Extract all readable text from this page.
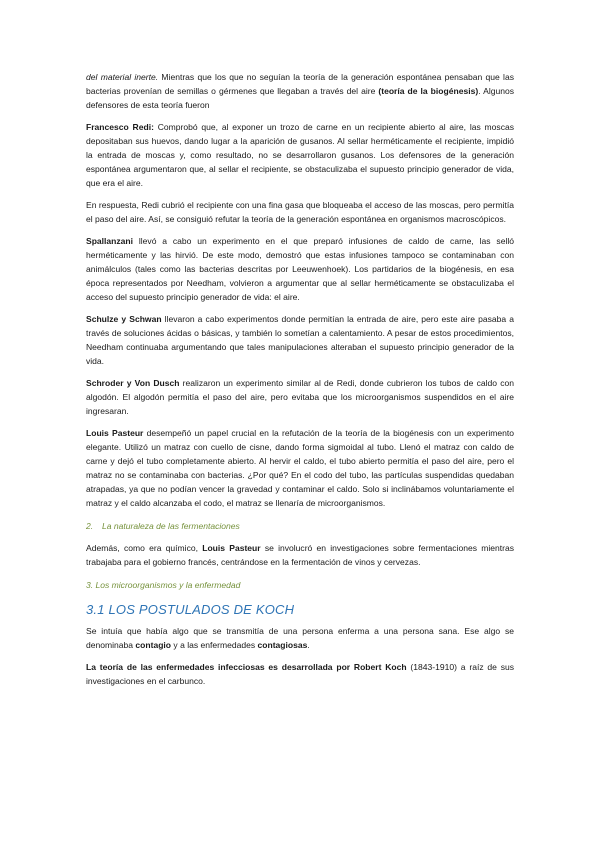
del material inerte. Mientras que los que no seguían la teoría de la generación espontánea pensaban que las bacterias provenían de semillas o gérmenes que llegaban a través del aire (teoría de la biogénesis). Algunos defensores de esta teoría fueron

Francesco Redi: Comprobó que, al exponer un trozo de carne en un recipiente abierto al aire, las moscas depositaban sus huevos, dando lugar a la aparición de gusanos. Al sellar herméticamente el recipiente, impidió la entrada de moscas y, como resultado, no se desarrollaron gusanos. Los defensores de la generación espontánea argumentaron que, al sellar el recipiente, se obstaculizaba el supuesto principio generador de vida, que era el aire.

En respuesta, Redi cubrió el recipiente con una fina gasa que bloqueaba el acceso de las moscas, pero permitía el paso del aire. Así, se consiguió refutar la teoría de la generación espontánea en organismos macroscópicos.

Spallanzani llevó a cabo un experimento en el que preparó infusiones de caldo de carne, las selló herméticamente y las hirvió. De este modo, demostró que estas infusiones tampoco se contaminaban con animálculos (tales como las bacterias descritas por Leeuwenhoek). Los partidarios de la biogénesis, en esa época representados por Needham, volvieron a argumentar que al sellar herméticamente se obstaculizaba el acceso del supuesto principio generador de vida: el aire.

Schulze y Schwan llevaron a cabo experimentos donde permitían la entrada de aire, pero este aire pasaba a través de soluciones ácidas o básicas, y también lo sometían a calentamiento. A pesar de estos procedimientos, Needham continuaba argumentando que tales manipulaciones alteraban el supuesto principio generador de la vida.

Schroder y Von Dusch realizaron un experimento similar al de Redi, donde cubrieron los tubos de caldo con algodón. El algodón permitía el paso del aire, pero evitaba que los microorganismos suspendidos en el aire ingresaran.

Louis Pasteur desempeñó un papel crucial en la refutación de la teoría de la biogénesis con un experimento elegante. Utilizó un matraz con cuello de cisne, dando forma sigmoidal al tubo. Llenó el matraz con caldo de carne y dejó el tubo completamente abierto. Al hervir el caldo, el tubo abierto permitía el paso del aire, pero el matraz no se contaminaba con bacterias. ¿Por qué? En el codo del tubo, las partículas suspendidas quedaban atrapadas, ya que no podían vencer la gravedad y contaminar el caldo. Solo si inclinábamos voluntariamente el matraz y el caldo alcanzaba el codo, el matraz se llenaría de microorganismos.

2. La naturaleza de las fermentaciones

Además, como era químico, Louis Pasteur se involucró en investigaciones sobre fermentaciones mientras trabajaba para el gobierno francés, centrándose en la fermentación de vinos y cervezas.

3. Los microorganismos y la enfermedad

3.1 LOS POSTULADOS DE KOCH

Se intuía que había algo que se transmitía de una persona enferma a una persona sana. Ese algo se denominaba contagio y a las enfermedades contagiosas.

La teoría de las enfermedades infecciosas es desarrollada por Robert Koch (1843-1910) a raíz de sus investigaciones en el carbunco.
